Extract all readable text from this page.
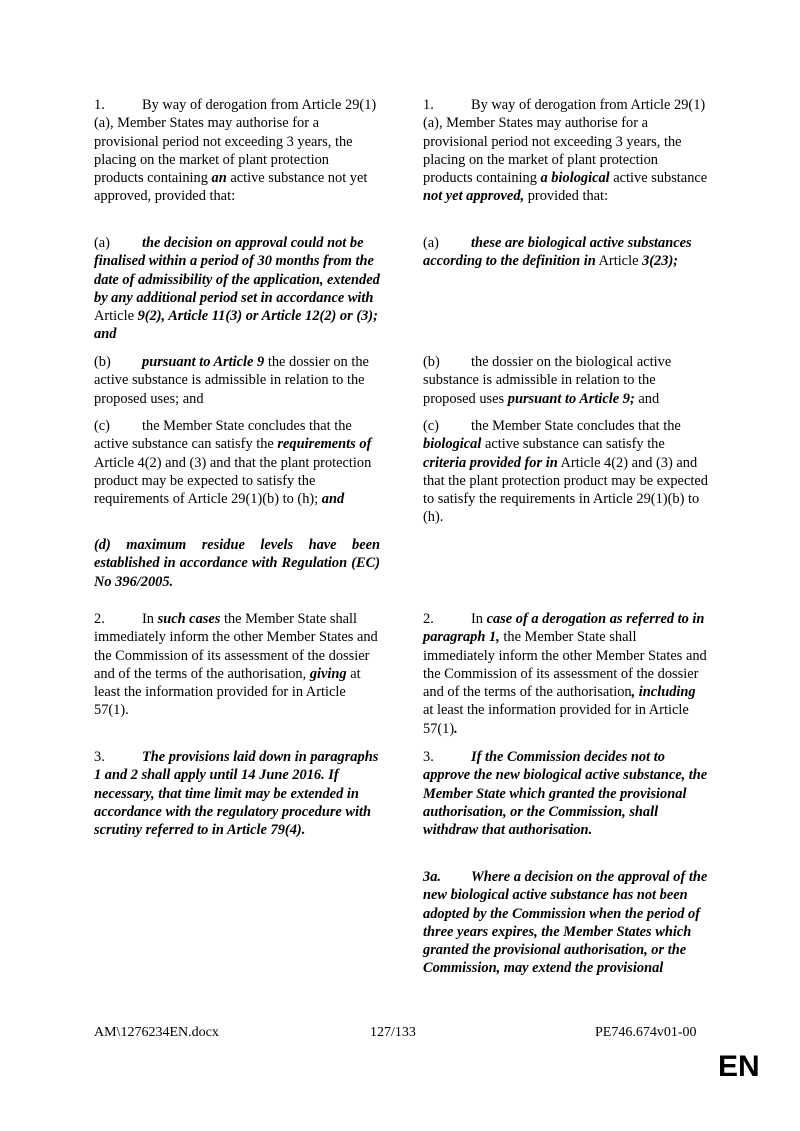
1.	By way of derogation from Article 29(1)(a), Member States may authorise for a provisional period not exceeding 3 years, the placing on the market of plant protection products containing an active substance not yet approved, provided that:

(a) the decision on approval could not be finalised within a period of 30 months from the date of admissibility of the application, extended by any additional period set in accordance with Article 9(2), Article 11(3) or Article 12(2) or (3); and

(b) pursuant to Article 9 the dossier on the active substance is admissible in relation to the proposed uses; and

(c) the Member State concludes that the active substance can satisfy the requirements of Article 4(2) and (3) and that the plant protection product may be expected to satisfy the requirements of Article 29(1)(b) to (h); and

(d) maximum residue levels have been established in accordance with Regulation (EC) No 396/2005.

2.	In such cases the Member State shall immediately inform the other Member States and the Commission of its assessment of the dossier and of the terms of the authorisation, giving at least the information provided for in Article 57(1).

3.	The provisions laid down in paragraphs 1 and 2 shall apply until 14 June 2016. If necessary, that time limit may be extended in accordance with the regulatory procedure with scrutiny referred to in Article 79(4).

1.	By way of derogation from Article 29(1)(a), Member States may authorise for a provisional period not exceeding 3 years, the placing on the market of plant protection products containing a biological active substance not yet approved, provided that:

(a) these are biological active substances according to the definition in Article 3(23);

(b) the dossier on the biological active substance is admissible in relation to the proposed uses pursuant to Article 9; and

(c) the Member State concludes that the biological active substance can satisfy the criteria provided for in Article 4(2) and (3) and that the plant protection product may be expected to satisfy the requirements in Article 29(1)(b) to (h).

2.	In case of a derogation as referred to in paragraph 1, the Member State shall immediately inform the other Member States and the Commission of its assessment of the dossier and of the terms of the authorisation, including at least the information provided for in Article 57(1).

3.	If the Commission decides not to approve the new biological active substance, the Member State which granted the provisional authorisation, or the Commission, shall withdraw that authorisation.

3a. Where a decision on the approval of the new biological active substance has not been adopted by the Commission when the period of three years expires, the Member States which granted the provisional authorisation, or the Commission, may extend the provisional

AM\1276234EN.docx	127/133	PE746.674v01-00
EN
